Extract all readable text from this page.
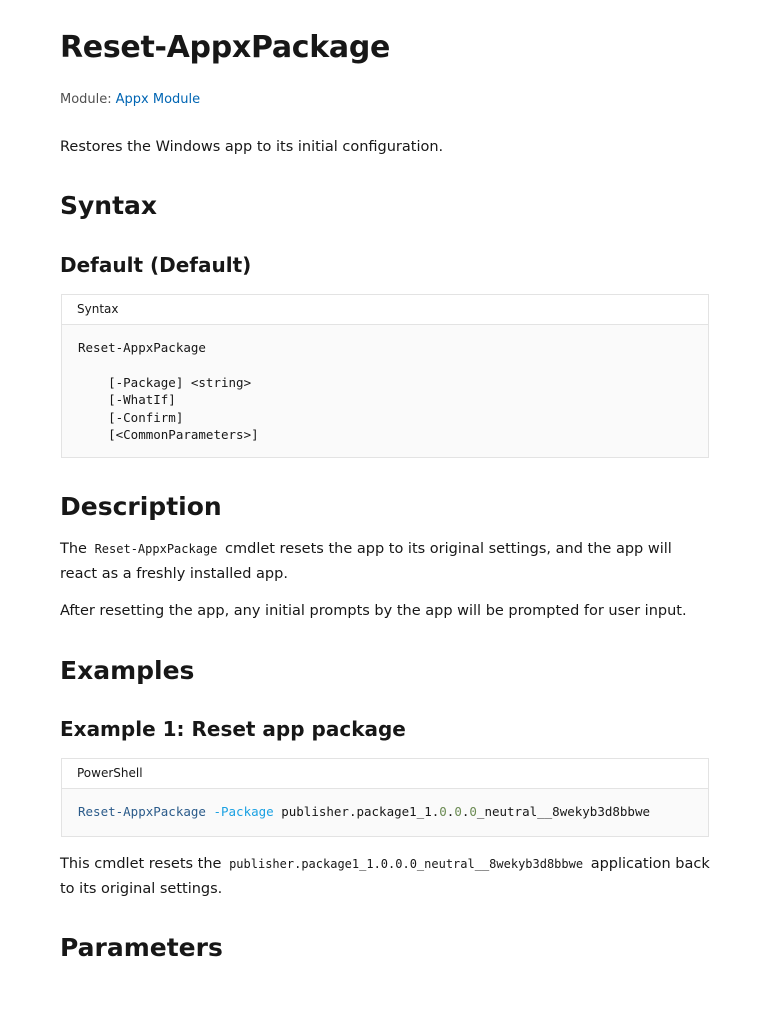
Reset-AppxPackage
Module: Appx Module
Restores the Windows app to its initial configuration.
Syntax
Default (Default)
Syntax
Reset-AppxPackage

[-Package] <string>
[-WhatIf]
[-Confirm]
[<CommonParameters>]
Description
The Reset-AppxPackage cmdlet resets the app to its original settings, and the app will react as a freshly installed app.
After resetting the app, any initial prompts by the app will be prompted for user input.
Examples
Example 1: Reset app package
PowerShell
Reset-AppxPackage -Package publisher.package1_1.0.0.0_neutral__8wekyb3d8bbwe
This cmdlet resets the publisher.package1_1.0.0.0_neutral__8wekyb3d8bbwe application back to its original settings.
Parameters
